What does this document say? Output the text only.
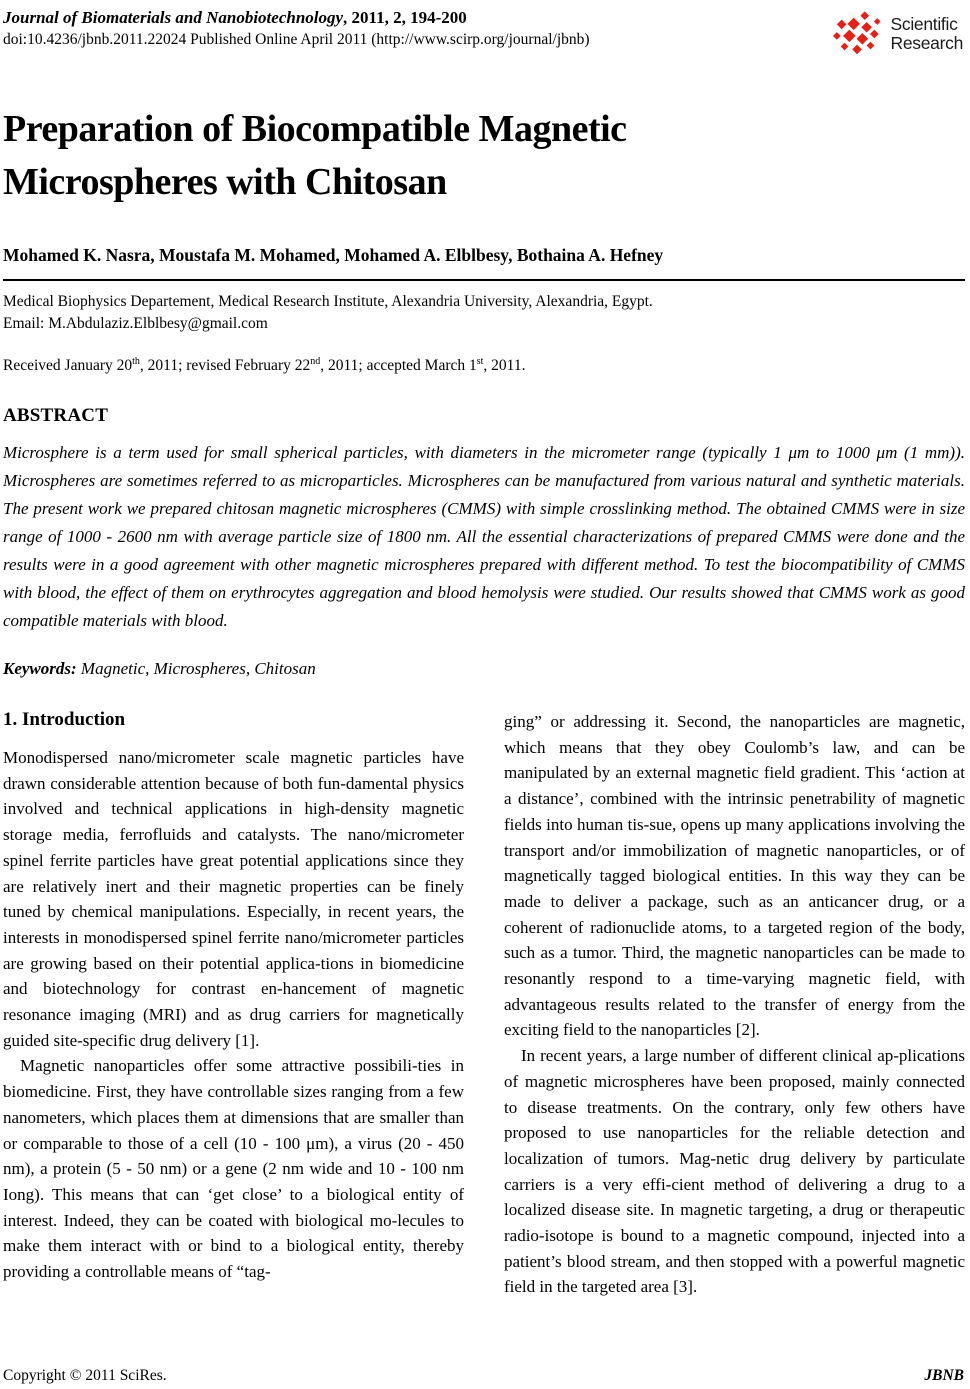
Journal of Biomaterials and Nanobiotechnology, 2011, 2, 194-200
doi:10.4236/jbnb.2011.22024 Published Online April 2011 (http://www.scirp.org/journal/jbnb)
Scientific
Research
Preparation of Biocompatible Magnetic Microspheres with Chitosan
Mohamed K. Nasra, Moustafa M. Mohamed, Mohamed A. Elblbesy, Bothaina A. Hefney
Medical Biophysics Departement, Medical Research Institute, Alexandria University, Alexandria, Egypt.
Email: M.Abdulaziz.Elblbesy@gmail.com
Received January 20th, 2011; revised February 22nd, 2011; accepted March 1st, 2011.
ABSTRACT

Microsphere is a term used for small spherical particles, with diameters in the micrometer range (typically 1 μm to 1000 μm (1 mm)). Microspheres are sometimes referred to as microparticles. Microspheres can be manufactured from various natural and synthetic materials. The present work we prepared chitosan magnetic microspheres (CMMS) with simple crosslinking method. The obtained CMMS were in size range of 1000 - 2600 nm with average particle size of 1800 nm. All the essential characterizations of prepared CMMS were done and the results were in a good agreement with other magnetic microspheres prepared with different method. To test the biocompatibility of CMMS with blood, the effect of them on erythrocytes aggregation and blood hemolysis were studied. Our results showed that CMMS work as good compatible materials with blood.

Keywords: Magnetic, Microspheres, Chitosan
1. Introduction

Monodispersed nano/micrometer scale magnetic particles have drawn considerable attention because of both fun-damental physics involved and technical applications in high-density magnetic storage media, ferrofluids and catalysts. The nano/micrometer spinel ferrite particles have great potential applications since they are relatively inert and their magnetic properties can be finely tuned by chemical manipulations. Especially, in recent years, the interests in monodispersed spinel ferrite nano/micrometer particles are growing based on their potential applica-tions in biomedicine and biotechnology for contrast en-hancement of magnetic resonance imaging (MRI) and as drug carriers for magnetically guided site-specific drug delivery [1].

Magnetic nanoparticles offer some attractive possibili-ties in biomedicine. First, they have controllable sizes ranging from a few nanometers, which places them at dimensions that are smaller than or comparable to those of a cell (10 - 100 μm), a virus (20 - 450 nm), a protein (5 - 50 nm) or a gene (2 nm wide and 10 - 100 nm Iong). This means that can ‘get close’ to a biological entity of interest. Indeed, they can be coated with biological mo-lecules to make them interact with or bind to a biological entity, thereby providing a controllable means of “tag-

ging” or addressing it. Second, the nanoparticles are magnetic, which means that they obey Coulomb’s law, and can be manipulated by an external magnetic field gradient. This ‘action at a distance’, combined with the intrinsic penetrability of magnetic fields into human tis-sue, opens up many applications involving the transport and/or immobilization of magnetic nanoparticles, or of magnetically tagged biological entities. In this way they can be made to deliver a package, such as an anticancer drug, or a coherent of radionuclide atoms, to a targeted region of the body, such as a tumor. Third, the magnetic nanoparticles can be made to resonantly respond to a time-varying magnetic field, with advantageous results related to the transfer of energy from the exciting field to the nanoparticles [2].

In recent years, a large number of different clinical ap-plications of magnetic microspheres have been proposed, mainly connected to disease treatments. On the contrary, only few others have proposed to use nanoparticles for the reliable detection and localization of tumors. Mag-netic drug delivery by particulate carriers is a very effi-cient method of delivering a drug to a localized disease site. In magnetic targeting, a drug or therapeutic radio-isotope is bound to a magnetic compound, injected into a patient’s blood stream, and then stopped with a powerful magnetic field in the targeted area [3].

Copyright © 2011 SciRes.	JBNB
